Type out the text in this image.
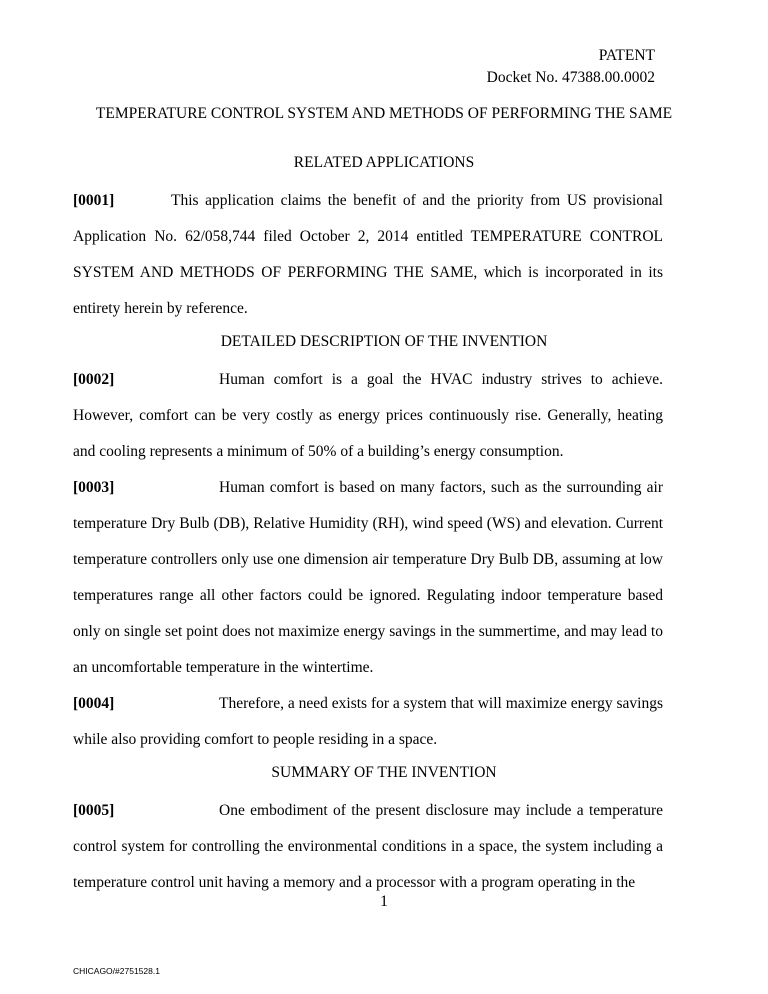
PATENT
Docket No. 47388.00.0002
TEMPERATURE CONTROL SYSTEM AND METHODS OF PERFORMING THE SAME
RELATED APPLICATIONS
[0001]	This application claims the benefit of and the priority from US provisional Application No. 62/058,744 filed October 2, 2014 entitled TEMPERATURE CONTROL SYSTEM AND METHODS OF PERFORMING THE SAME, which is incorporated in its entirety herein by reference.
DETAILED DESCRIPTION OF THE INVENTION
[0002]	Human comfort is a goal the HVAC industry strives to achieve. However, comfort can be very costly as energy prices continuously rise. Generally, heating and cooling represents a minimum of 50% of a building’s energy consumption.
[0003]	Human comfort is based on many factors, such as the surrounding air temperature Dry Bulb (DB), Relative Humidity (RH), wind speed (WS) and elevation. Current temperature controllers only use one dimension air temperature Dry Bulb DB, assuming at low temperatures range all other factors could be ignored. Regulating indoor temperature based only on single set point does not maximize energy savings in the summertime, and may lead to an uncomfortable temperature in the wintertime.
[0004]	Therefore, a need exists for a system that will maximize energy savings while also providing comfort to people residing in a space.
SUMMARY OF THE INVENTION
[0005]	One embodiment of the present disclosure may include a temperature control system for controlling the environmental conditions in a space, the system including a temperature control unit having a memory and a processor with a program operating in the
1
CHICAGO/#2751528.1
